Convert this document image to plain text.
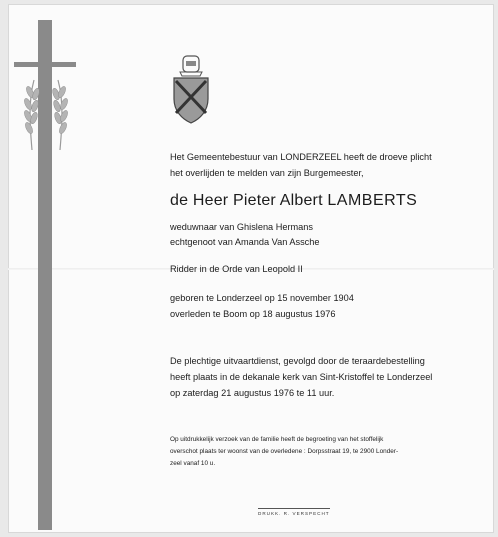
Het Gemeentebestuur van LONDERZEEL heeft de droeve plicht

het overlijden te melden van zijn Burgemeester,

de Heer Pieter Albert LAMBERTS

weduwnaar van Ghislena Hermans

echtgenoot van Amanda Van Assche

Ridder in de Orde van Leopold II

geboren te Londerzeel op 15 november 1904

overleden te Boom op 18 augustus 1976

De plechtige uitvaartdienst, gevolgd door de teraardebestelling

heeft plaats in de dekanale kerk van Sint-Kristoffel te Londerzeel

op zaterdag 21 augustus 1976 te 11 uur.

Op uitdrukkelijk verzoek van de familie heeft de begroeting van het stoffelijk

overschot plaats ter woonst van de overledene : Dorpsstraat 19, te 2900 Londer-

zeel vanaf 10 u.

DRUKK. R. VERSPECHT
